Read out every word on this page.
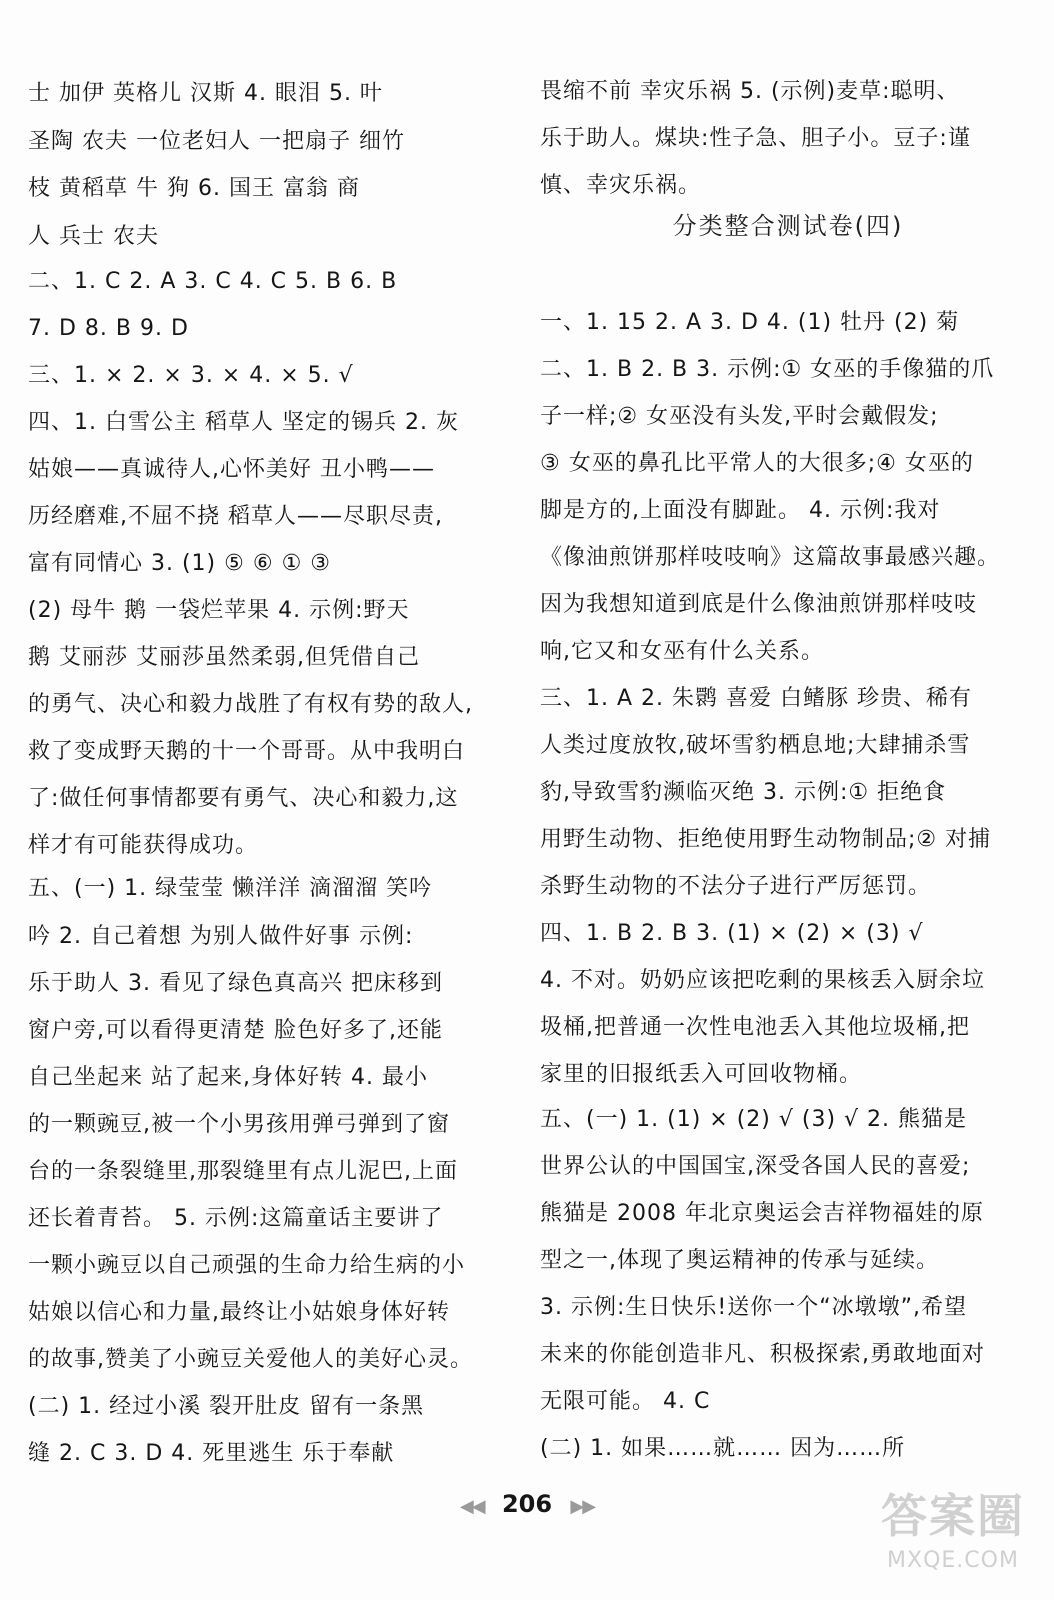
士 加伊 英格儿 汉斯 4. 眼泪 5. 叶
圣陶 农夫 一位老妇人 一把扇子 细竹
枝 黄稻草 牛 狗 6. 国王 富翁 商
人 兵士 农夫
二、1. C 2. A 3. C 4. C 5. B 6. B
7. D 8. B 9. D
三、1. × 2. × 3. × 4. × 5. √
四、1. 白雪公主 稻草人 坚定的锡兵 2. 灰
姑娘——真诚待人,心怀美好 丑小鸭——
历经磨难,不屈不挠 稻草人——尽职尽责,
富有同情心 3. (1) ⑤ ⑥ ① ③
(2) 母牛 鹅 一袋烂苹果 4. 示例:野天
鹅 艾丽莎 艾丽莎虽然柔弱,但凭借自己
的勇气、决心和毅力战胜了有权有势的敌人,
救了变成野天鹅的十一个哥哥。从中我明白
了:做任何事情都要有勇气、决心和毅力,这
样才有可能获得成功。
五、(一) 1. 绿莹莹 懒洋洋 滴溜溜 笑吟
吟 2. 自己着想 为别人做件好事 示例:
乐于助人 3. 看见了绿色真高兴 把床移到
窗户旁,可以看得更清楚 脸色好多了,还能
自己坐起来 站了起来,身体好转 4. 最小
的一颗豌豆,被一个小男孩用弹弓弹到了窗
台的一条裂缝里,那裂缝里有点儿泥巴,上面
还长着青苔。 5. 示例:这篇童话主要讲了
一颗小豌豆以自己顽强的生命力给生病的小
姑娘以信心和力量,最终让小姑娘身体好转
的故事,赞美了小豌豆关爱他人的美好心灵。
(二) 1. 经过小溪 裂开肚皮 留有一条黑
缝 2. C 3. D 4. 死里逃生 乐于奉献
畏缩不前 幸灾乐祸 5. (示例)麦草:聪明、
乐于助人。煤块:性子急、胆子小。豆子:谨
慎、幸灾乐祸。
分类整合测试卷(四)
一、1. 15 2. A 3. D 4. (1) 牡丹 (2) 菊
二、1. B 2. B 3. 示例:① 女巫的手像猫的爪
子一样;② 女巫没有头发,平时会戴假发;
③ 女巫的鼻孔比平常人的大很多;④ 女巫的
脚是方的,上面没有脚趾。 4. 示例:我对
《像油煎饼那样吱吱响》这篇故事最感兴趣。
因为我想知道到底是什么像油煎饼那样吱吱
响,它又和女巫有什么关系。
三、1. A 2. 朱鹮 喜爱 白鳍豚 珍贵、稀有
人类过度放牧,破坏雪豹栖息地;大肆捕杀雪
豹,导致雪豹濒临灭绝 3. 示例:① 拒绝食
用野生动物、拒绝使用野生动物制品;② 对捕
杀野生动物的不法分子进行严厉惩罚。
四、1. B 2. B 3. (1) × (2) × (3) √
4. 不对。奶奶应该把吃剩的果核丢入厨余垃
圾桶,把普通一次性电池丢入其他垃圾桶,把
家里的旧报纸丢入可回收物桶。
五、(一) 1. (1) × (2) √ (3) √ 2. 熊猫是
世界公认的中国国宝,深受各国人民的喜爱;
熊猫是 2008 年北京奥运会吉祥物福娃的原
型之一,体现了奥运精神的传承与延续。
3. 示例:生日快乐!送你一个“冰墩墩”,希望
未来的你能创造非凡、积极探索,勇敢地面对
无限可能。 4. C
(二) 1. 如果……就…… 因为……所
◀◀ 206 ▶▶	答案圈
MXQE.COM
